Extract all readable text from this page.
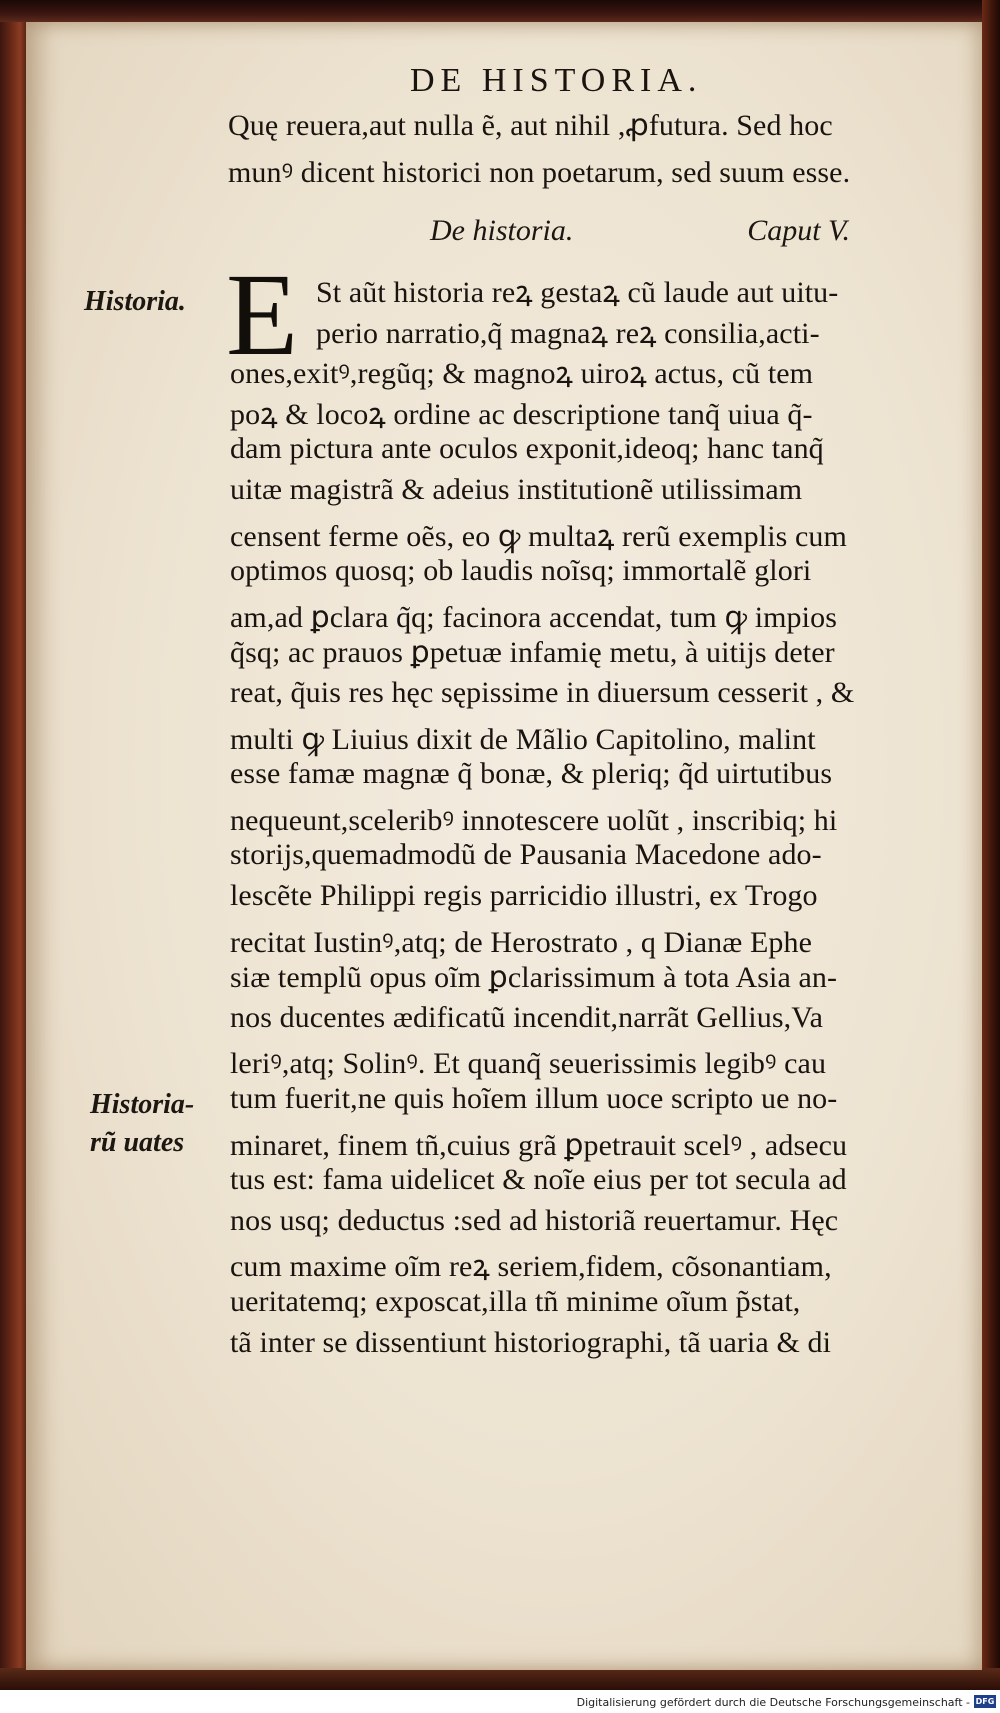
DE HISTORIA.
Quę reuera,aut nulla ẽ, aut nihil ,ꝓfutura. Sed hoc
munꝰ dicent historici non poetarum, sed suum esse.
De historia.	Caput V.
Historia.
Historia-
rũ uates
E St aũt historia reꝝ gestaꝝ cũ laude aut uitu-
perio narratio,q̃ magnaꝝ reꝝ consilia,acti-
ones,exitꝰ,regũq; & magnoꝝ uiroꝝ actus, cũ tem
poꝝ & locoꝝ ordine ac descriptione tanq̃ uiua q̃-
dam pictura ante oculos exponit,ideoq; hanc tanq̃
uitæ magistrã & adeius institutionẽ utilissimam
censent ferme oẽs, eo ꝙ multaꝝ rerũ exemplis cum
optimos quosq; ob laudis noĩsq; immortalẽ glori
am,ad ꝑclara q̃q; facinora accendat, tum ꝙ impios
q̃sq; ac prauos ꝑpetuæ infamię metu, à uitijs deter
reat, q̃uis res hęc sępissime in diuersum cesserit , &
multi ꝙ Liuius dixit de Mãlio Capitolino, malint
esse famæ magnæ q̃ bonæ, & pleriq; q̃d uirtutibus
nequeunt,sceleribꝰ innotescere uolũt , inscribiq; hi
storijs,quemadmodũ de Pausania Macedone ado-
lescẽte Philippi regis parricidio illustri, ex Trogo
recitat Iustinꝰ,atq; de Herostrato , q Dianæ Ephe
siæ templũ opus oĩm ꝑclarissimum à tota Asia an-
nos ducentes ædificatũ incendit,narrãt Gellius,Va
leriꝰ,atq; Solinꝰ. Et quanq̃ seuerissimis legibꝰ cau
tum fuerit,ne quis hoĩem illum uoce scripto ue no-
minaret, finem tñ,cuius grã ꝑpetrauit scelꝰ , adsecu
tus est: fama uidelicet & noĩe eius per tot secula ad
nos usq; deductus :sed ad historiã reuertamur. Hęc
cum maxime oĩm reꝝ seriem,fidem, cõsonantiam,
ueritatemq; exposcat,illa tñ minime oĩum p̃stat,
tã inter se dissentiunt historiographi, tã uaria & di
Digitalisierung gefördert durch die Deutsche Forschungsgemeinschaft - DFG
